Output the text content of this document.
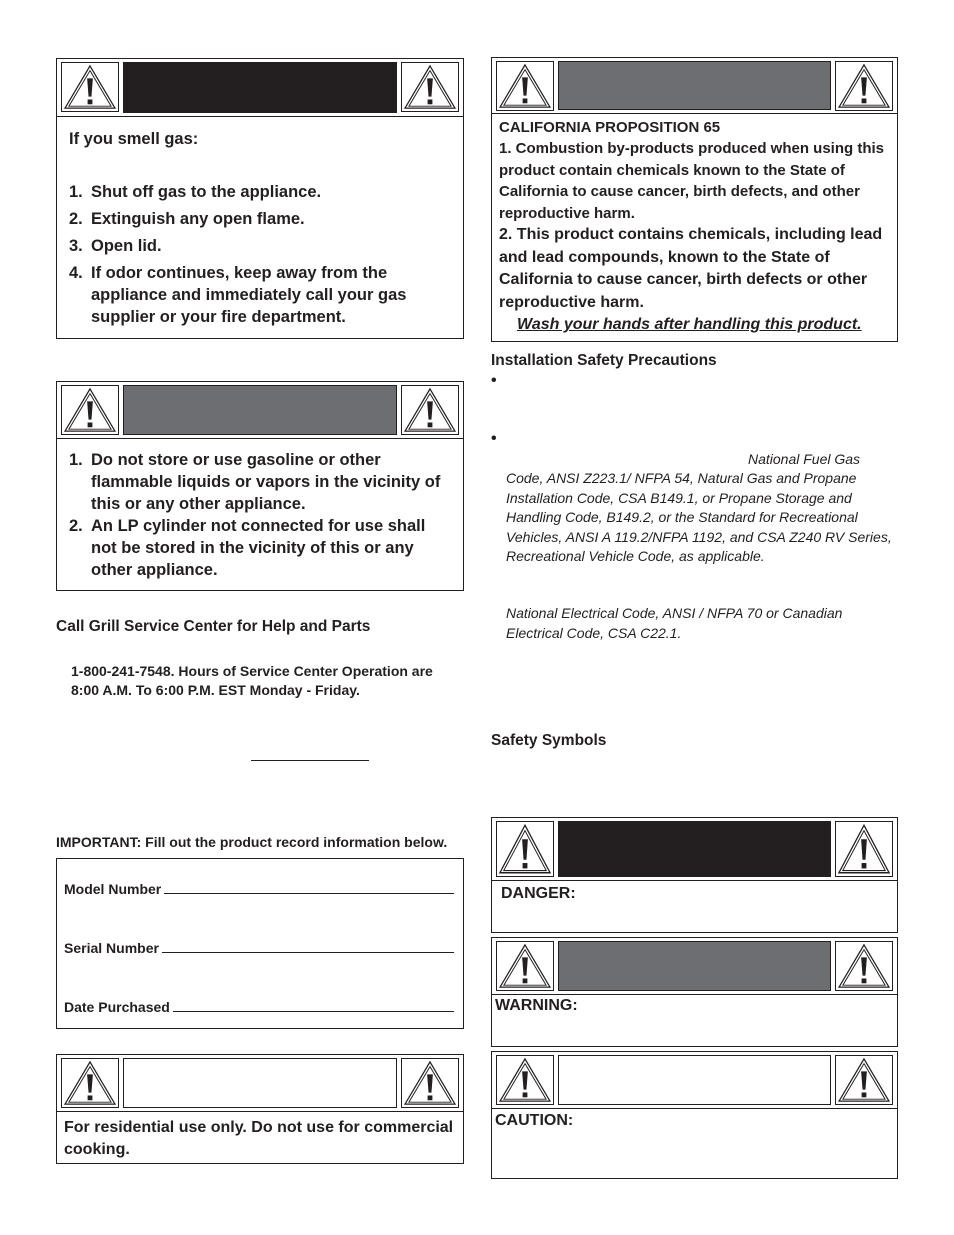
If you smell gas:
1. Shut off gas to the appliance.
2. Extinguish any open flame.
3. Open lid.
4. If odor continues, keep away from the appliance and immediately call your gas supplier or your fire department.
1. Do not store or use gasoline or other flammable liquids or vapors in the vicinity of this or any other appliance.
2. An LP cylinder not connected for use shall not be stored in the vicinity of this or any other appliance.
Call Grill Service Center for Help and Parts
1-800-241-7548. Hours of Service Center Operation are 8:00 A.M. To 6:00 P.M. EST Monday - Friday.
IMPORTANT: Fill out the product record information below.
Model Number
Serial Number
Date Purchased
For residential use only. Do not use for commercial cooking.
CALIFORNIA PROPOSITION 65
1. Combustion by-products produced when using this product contain chemicals known to the State of California to cause cancer, birth defects, and other reproductive harm.
2. This product contains chemicals, including lead and lead compounds, known to the State of California to cause cancer, birth defects or other reproductive harm.
Wash your hands after handling this product.
Installation Safety Precautions
•
•
National Fuel Gas
Code, ANSI Z223.1/ NFPA 54, Natural Gas and Propane Installation Code, CSA B149.1, or Propane Storage and Handling Code, B149.2, or the Standard for Recreational Vehicles, ANSI A 119.2/NFPA 1192, and CSA Z240 RV Series, Recreational Vehicle Code, as applicable.
National Electrical Code, ANSI / NFPA 70 or Canadian Electrical Code, CSA C22.1.
Safety Symbols
DANGER:
WARNING:
CAUTION:
